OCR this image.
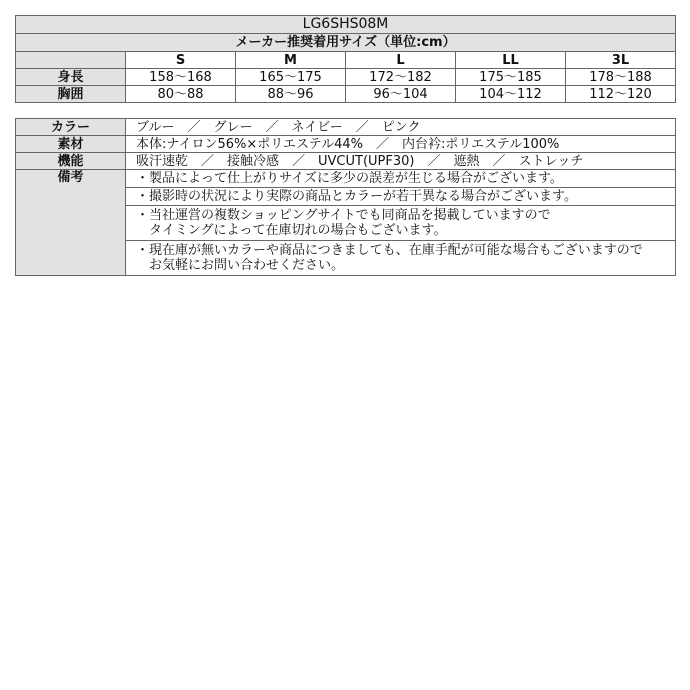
LG6SHS08M					
メーカー推奨着用サイズ（単位:cm）					
	S	M	L	LL	3L
身長	158～168	165～175	172～182	175～185	178～188
胸囲	80～88	88～96	96～104	104～112	112～120
カラー	ブルー　／　グレー　／　ネイビー　／　ピンク
素材	本体:ナイロン56%×ポリエステル44%　／　内台衿:ポリエステル100%
機能	吸汗速乾　／　接触冷感　／　UVCUT(UPF30)　／　遮熱　／　ストレッチ
備考	・製品によって仕上がりサイズに多少の誤差が生じる場合がございます。
	・撮影時の状況により実際の商品とカラーが若干異なる場合がございます。

	・当社運営の複数ショッピングサイトでも同商品を掲載していますので
　タイミングによって在庫切れの場合もございます。

	・現在庫が無いカラーや商品につきましても、在庫手配が可能な場合もございますので
　お気軽にお問い合わせください。
